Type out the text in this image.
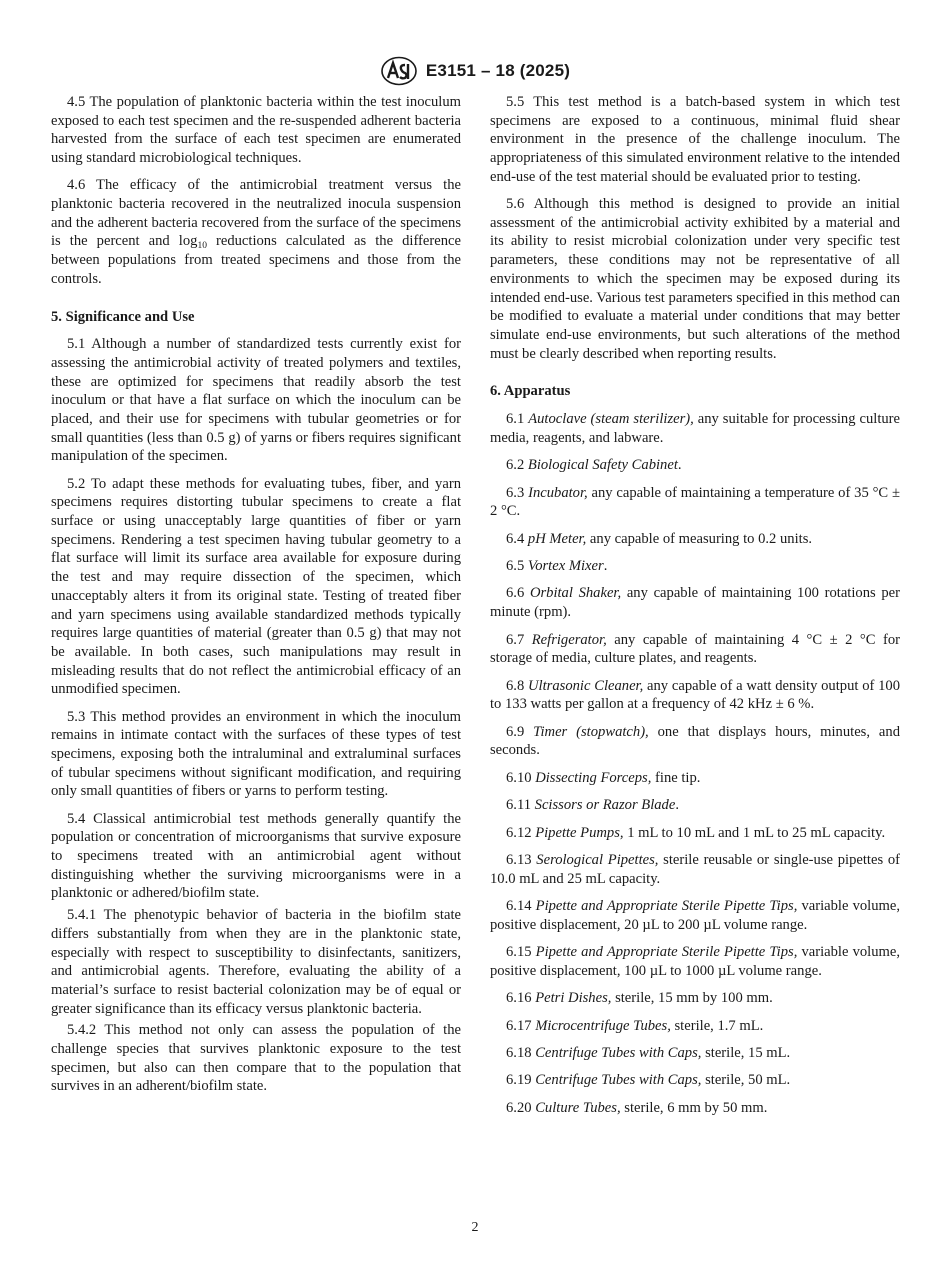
E3151 – 18 (2025)

4.5 The population of planktonic bacteria within the test inoculum exposed to each test specimen and the re-suspended adherent bacteria harvested from the surface of each test specimen are enumerated using standard microbiological techniques.

4.6 The efficacy of the antimicrobial treatment versus the planktonic bacteria recovered in the neutralized inocula suspension and the adherent bacteria recovered from the surface of the specimens is the percent and $\log_{10}$ reductions calculated as the difference between populations from treated specimens and those from the controls.

5. Significance and Use

5.1 Although a number of standardized tests currently exist for assessing the antimicrobial activity of treated polymers and textiles, these are optimized for specimens that readily absorb the test inoculum or that have a flat surface on which the inoculum can be placed, and their use for specimens with tubular geometries or for small quantities (less than 0.5 g) of yarns or fibers requires significant manipulation of the specimen.

5.2 To adapt these methods for evaluating tubes, fiber, and yarn specimens requires distorting tubular specimens to create a flat surface or using unacceptably large quantities of fiber or yarn specimens. Rendering a test specimen having tubular geometry to a flat surface will limit its surface area available for exposure during the test and may require dissection of the specimen, which unacceptably alters it from its original state. Testing of treated fiber and yarn specimens using available standardized methods typically requires large quantities of material (greater than 0.5 g) that may not be available. In both cases, such manipulations may result in misleading results that do not reflect the antimicrobial efficacy of an unmodified specimen.

5.3 This method provides an environment in which the inoculum remains in intimate contact with the surfaces of these types of test specimens, exposing both the intraluminal and extraluminal surfaces of tubular specimens without significant modification, and requiring only small quantities of fibers or yarns to perform testing.

5.4 Classical antimicrobial test methods generally quantify the population or concentration of microorganisms that survive exposure to specimens treated with an antimicrobial agent without distinguishing whether the surviving microorganisms were in a planktonic or adhered/biofilm state.

5.4.1 The phenotypic behavior of bacteria in the biofilm state differs substantially from when they are in the planktonic state, especially with respect to susceptibility to disinfectants, sanitizers, and antimicrobial agents. Therefore, evaluating the ability of a material’s surface to resist bacterial colonization may be of equal or greater significance than its efficacy versus planktonic bacteria.

5.4.2 This method not only can assess the population of the challenge species that survives planktonic exposure to the test specimen, but also can then compare that to the population that survives in an adherent/biofilm state.

5.5 This test method is a batch-based system in which test specimens are exposed to a continuous, minimal fluid shear environment in the presence of the challenge inoculum. The appropriateness of this simulated environment relative to the intended end-use of the test material should be evaluated prior to testing.

5.6 Although this method is designed to provide an initial assessment of the antimicrobial activity exhibited by a material and its ability to resist microbial colonization under very specific test parameters, these conditions may not be representative of all environments to which the specimen may be exposed during its intended end-use. Various test parameters specified in this method can be modified to evaluate a material under conditions that may better simulate end-use environments, but such alterations of the method must be clearly described when reporting results.

6. Apparatus

6.1 Autoclave (steam sterilizer), any suitable for processing culture media, reagents, and labware.

6.2 Biological Safety Cabinet.

6.3 Incubator, any capable of maintaining a temperature of 35 °C ± 2 °C.

6.4 pH Meter, any capable of measuring to 0.2 units.

6.5 Vortex Mixer.

6.6 Orbital Shaker, any capable of maintaining 100 rotations per minute (rpm).

6.7 Refrigerator, any capable of maintaining 4 °C ± 2 °C for storage of media, culture plates, and reagents.

6.8 Ultrasonic Cleaner, any capable of a watt density output of 100 to 133 watts per gallon at a frequency of 42 kHz ± 6 %.

6.9 Timer (stopwatch), one that displays hours, minutes, and seconds.

6.10 Dissecting Forceps, fine tip.

6.11 Scissors or Razor Blade.

6.12 Pipette Pumps, 1 mL to 10 mL and 1 mL to 25 mL capacity.

6.13 Serological Pipettes, sterile reusable or single-use pipettes of 10.0 mL and 25 mL capacity.

6.14 Pipette and Appropriate Sterile Pipette Tips, variable volume, positive displacement, 20 µL to 200 µL volume range.

6.15 Pipette and Appropriate Sterile Pipette Tips, variable volume, positive displacement, 100 µL to 1000 µL volume range.

6.16 Petri Dishes, sterile, 15 mm by 100 mm.

6.17 Microcentrifuge Tubes, sterile, 1.7 mL.

6.18 Centrifuge Tubes with Caps, sterile, 15 mL.

6.19 Centrifuge Tubes with Caps, sterile, 50 mL.

6.20 Culture Tubes, sterile, 6 mm by 50 mm.

2
